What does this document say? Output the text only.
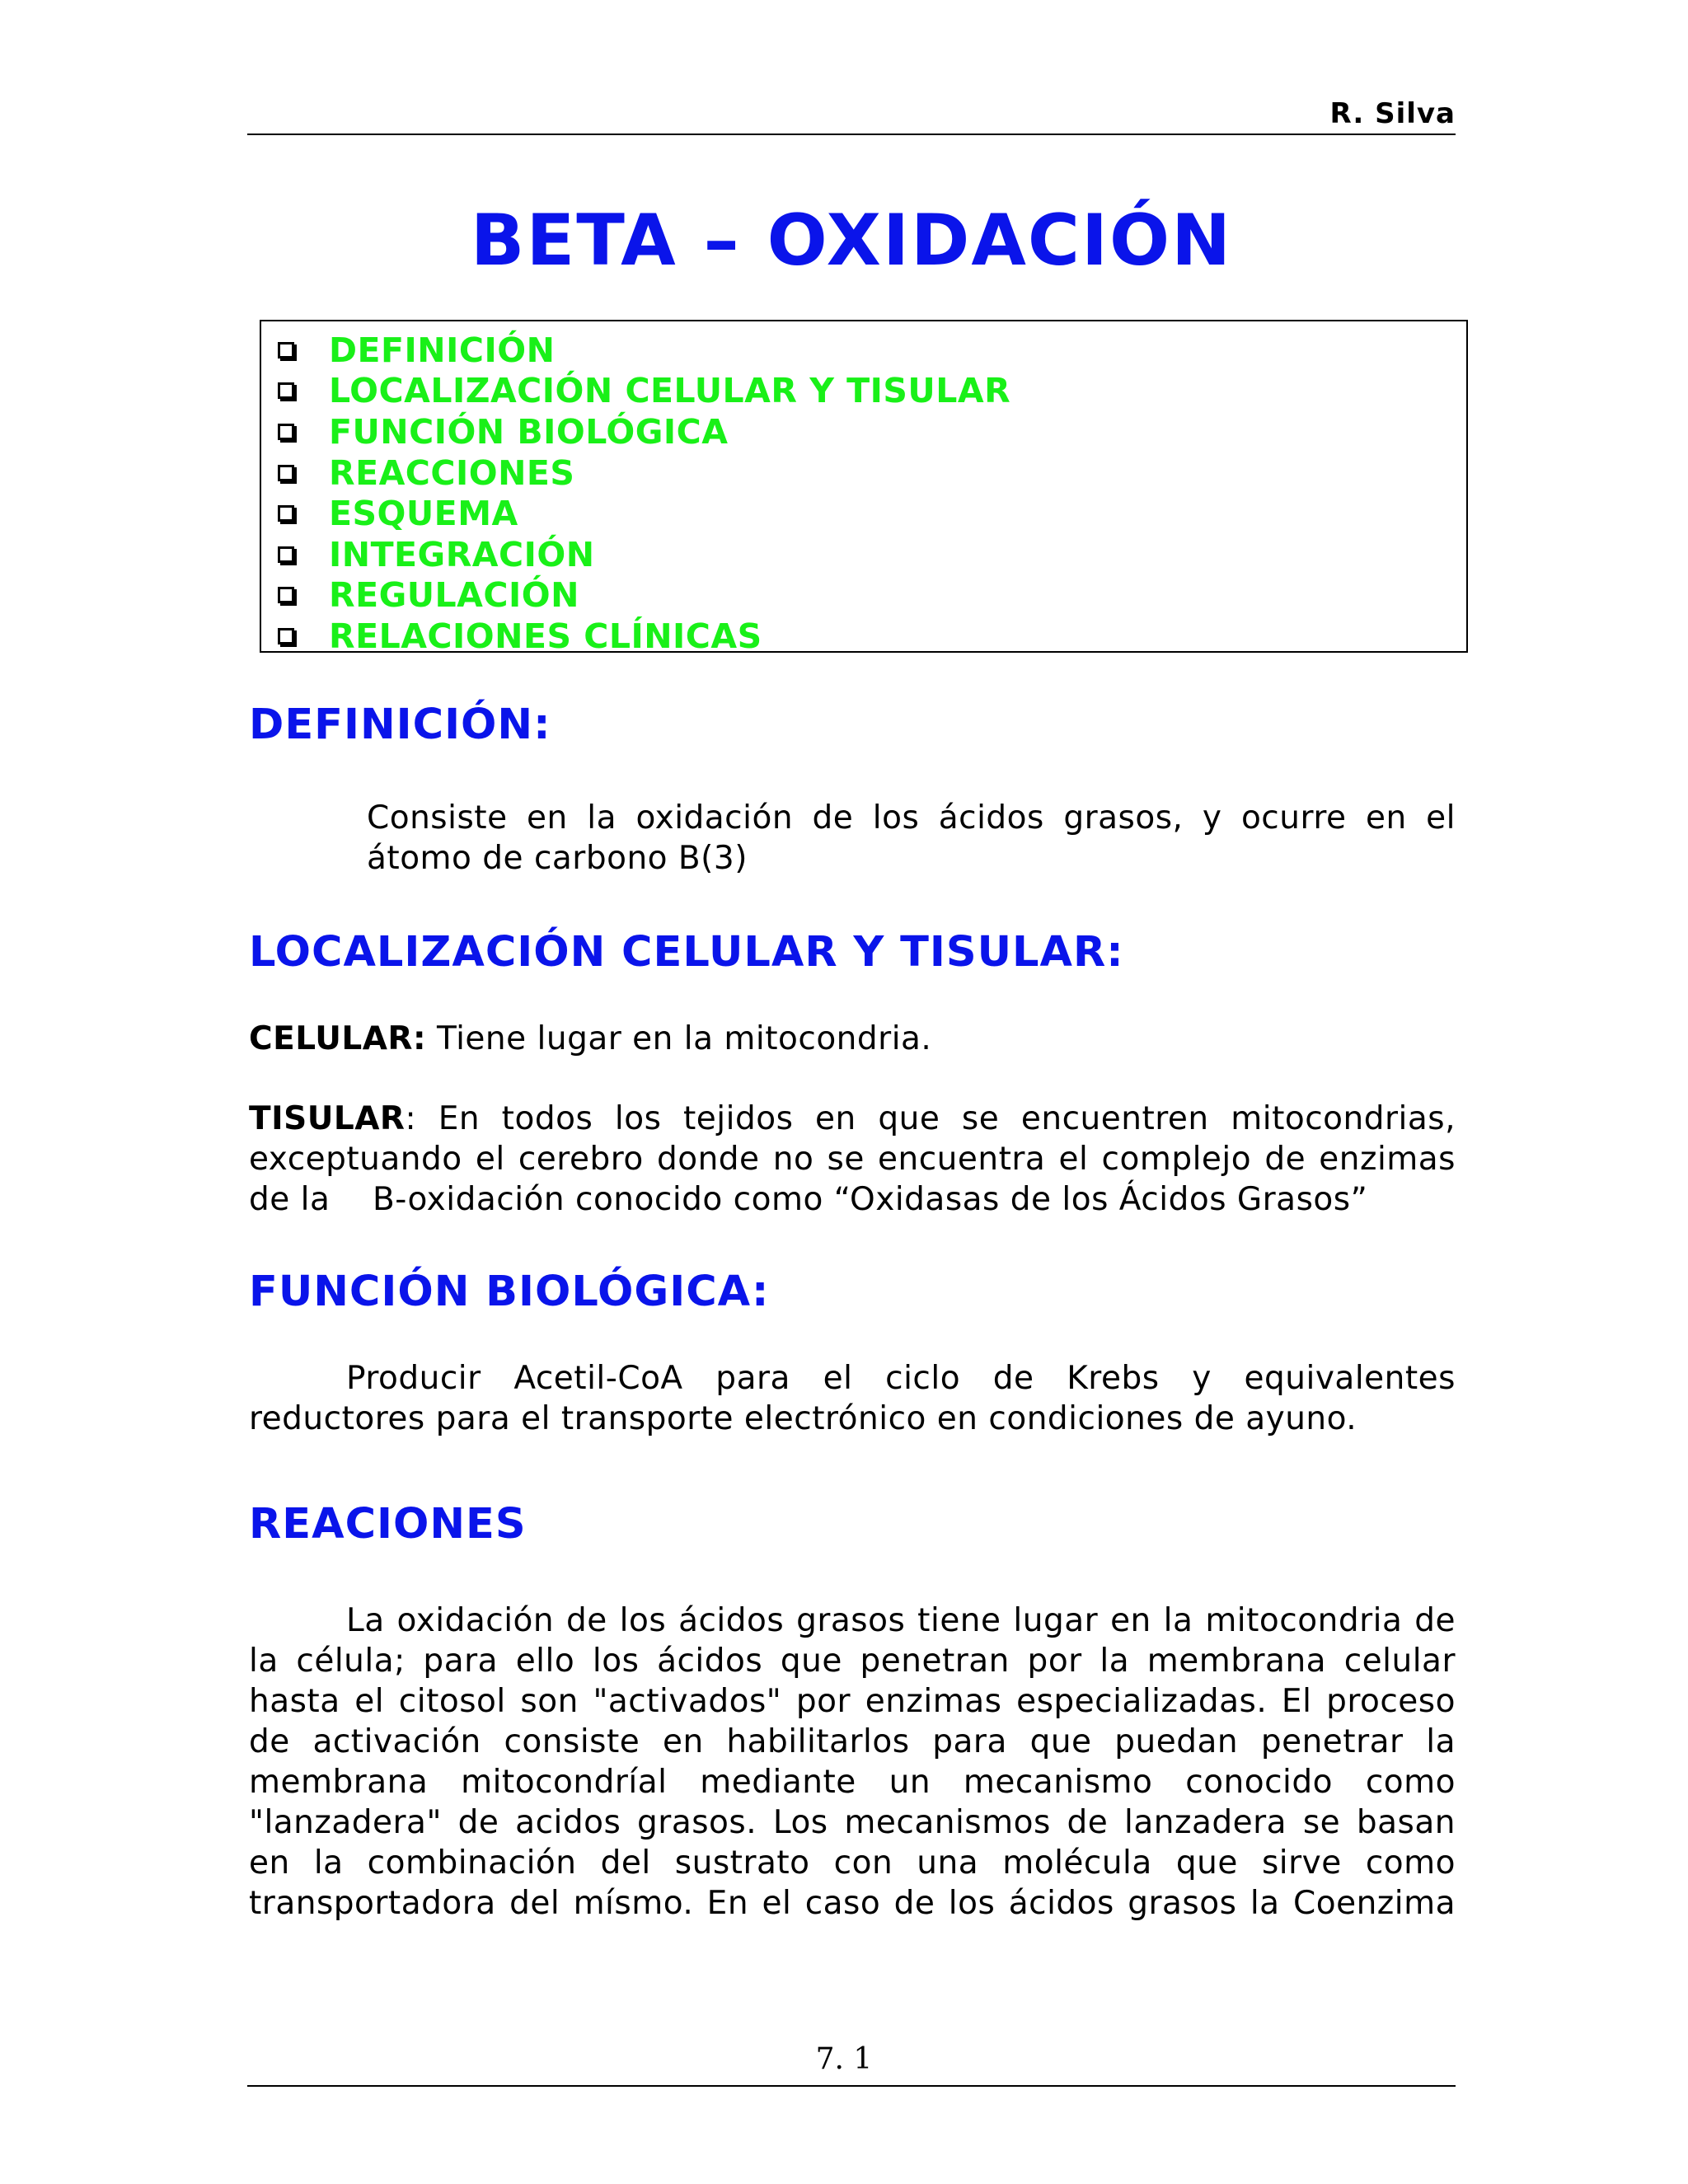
R. Silva
BETA – OXIDACIÓN
DEFINICIÓN
LOCALIZACIÓN CELULAR Y TISULAR
FUNCIÓN BIOLÓGICA
REACCIONES
ESQUEMA
INTEGRACIÓN
REGULACIÓN
RELACIONES CLÍNICAS
DEFINICIÓN:
Consiste en la oxidación de los ácidos grasos, y ocurre en el átomo de carbono B(3)
LOCALIZACIÓN CELULAR Y TISULAR:
CELULAR: Tiene lugar en la mitocondria.
TISULAR: En todos los tejidos en que se encuentren mitocondrias, exceptuando el cerebro donde no se encuentra el complejo de enzimas de la    B-oxidación conocido como “Oxidasas de los Ácidos Grasos”
FUNCIÓN BIOLÓGICA:
Producir Acetil-CoA para el ciclo de Krebs y equivalentes reductores para el transporte electrónico en condiciones de ayuno.
REACIONES
La oxidación de los ácidos grasos tiene lugar en la mitocondria de la célula; para ello los ácidos que penetran por la membrana celular hasta el citosol son "activados" por enzimas especializadas. El proceso de activación consiste en habilitarlos para que puedan penetrar la membrana mitocondríal mediante un mecanismo conocido como "lanzadera" de acidos grasos. Los mecanismos de lanzadera se basan en la combinación del sustrato con una molécula que sirve como transportadora del mísmo. En el caso de los ácidos grasos la Coenzima
7. 1
